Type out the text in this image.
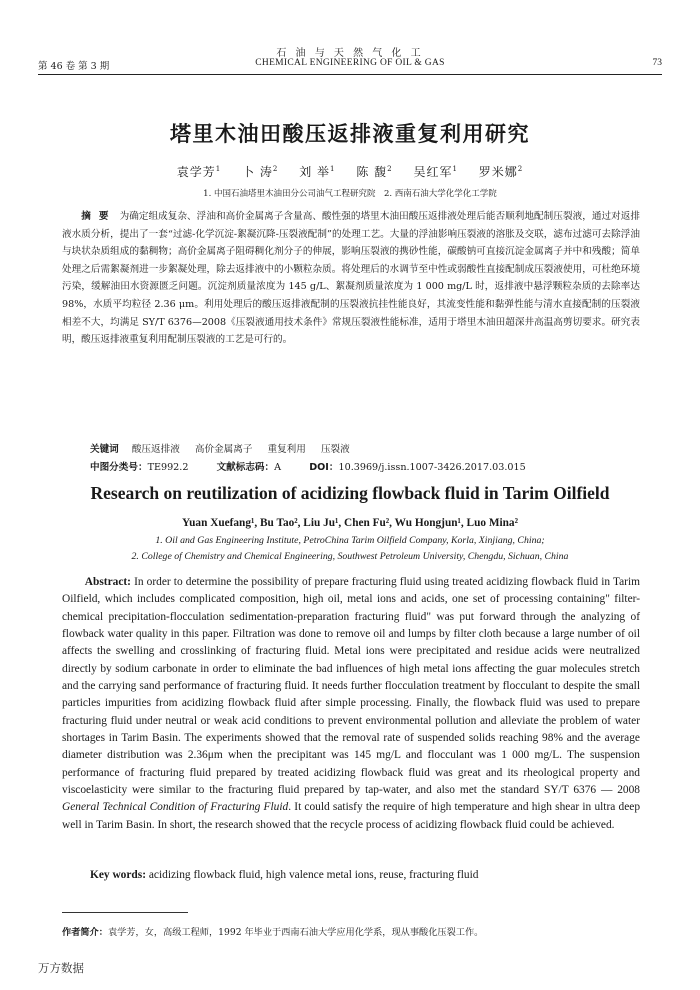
石 油 与 天 然 气 化 工
第 46 卷 第 3 期	CHEMICAL ENGINEERING OF OIL & GAS	73
塔里木油田酸压返排液重复利用研究
袁学芳$^1$ 卜 涛$^2$ 刘 举$^1$ 陈 馥$^2$ 吴红军$^1$ 罗米娜$^2$
1. 中国石油塔里木油田分公司油气工程研究院　2. 西南石油大学化学化工学院
摘要 为确定组成复杂、浮油和高价金属离子含量高、酸性强的塔里木油田酸压返排液处理后能否顺利地配制压裂液，通过对返排液水质分析，提出了一套“过滤-化学沉淀-絮凝沉降-压裂液配制”的处理工艺。大量的浮油影响压裂液的溶胀及交联，滤布过滤可去除浮油与块状杂质组成的黏稠物；高价金属离子阻碍稠化剂分子的伸展，影响压裂液的携砂性能，碳酸钠可直接沉淀金属离子并中和残酸；简单处理之后需絮凝剂进一步絮凝处理，除去返排液中的小颗粒杂质。将处理后的水调节至中性或弱酸性直接配制成压裂液使用，可杜绝环境污染，缓解油田水资源匮乏问题。沉淀剂质量浓度为 145 g/L、絮凝剂质量浓度为 1 000 mg/L 时，返排液中悬浮颗粒杂质的去除率达 98%，水质平均粒径 2.36 μm。利用处理后的酸压返排液配制的压裂液抗挂性能良好，其流变性能和黏弹性能与清水直接配制的压裂液相差不大，均满足 SY/T 6376—2008《压裂液通用技术条件》常规压裂液性能标准，适用于塔里木油田超深井高温高剪切要求。研究表明，酸压返排液重复利用配制压裂液的工艺是可行的。
关键词 酸压返排液 高价金属离子 重复利用 压裂液
中图分类号：TE992.2	文献标志码：A	DOI：10.3969/j.issn.1007-3426.2017.03.015
Research on reutilization of acidizing flowback fluid in Tarim Oilfield
Yuan Xuefang¹, Bu Tao², Liu Ju¹, Chen Fu², Wu Hongjun¹, Luo Mina²
1. Oil and Gas Engineering Institute, PetroChina Tarim Oilfield Company, Korla, Xinjiang, China;
2. College of Chemistry and Chemical Engineering, Southwest Petroleum University, Chengdu, Sichuan, China

Abstract: In order to determine the possibility of prepare fracturing fluid using treated acidizing flowback fluid in Tarim Oilfield, which includes complicated composition, high oil, metal ions and acids, one set of processing containing" filter-chemical precipitation-flocculation sedimentation-preparation fracturing fluid" was put forward through the analyzing of flowback water quality in this paper. Filtration was done to remove oil and lumps by filter cloth because a large number of oil affects the swelling and crosslinking of fracturing fluid. Metal ions were precipitated and residue acids were neutralized directly by sodium carbonate in order to eliminate the bad influences of high metal ions affecting the guar molecules stretch and the carrying sand performance of fracturing fluid. It needs further flocculation treatment by flocculant to despite the small particles impurities from acidizing flowback fluid after simple processing. Finally, the flowback fluid was used to prepare fracturing fluid under neutral or weak acid conditions to prevent environmental pollution and alleviate the problem of water shortages in Tarim Basin. The experiments showed that the removal rate of suspended solids reaching 98% and the average diameter distribution was 2.36μm when the precipitant was 145 mg/L and flocculant was 1 000 mg/L. The suspension performance of fracturing fluid prepared by treated acidizing flowback fluid was great and its rheological property and viscoelasticity were similar to the fracturing fluid prepared by tap-water, and also met the standard SY/T 6376 — 2008 General Technical Condition of Fracturing Fluid. It could satisfy the require of high temperature and high shear in ultra deep well in Tarim Basin. In short, the research showed that the recycle process of acidizing flowback fluid could be achieved.

Key words: acidizing flowback fluid, high valence metal ions, reuse, fracturing fluid
作者简介：袁学芳，女，高级工程师，1992 年毕业于西南石油大学应用化学系，现从事酸化压裂工作。
万方数据
